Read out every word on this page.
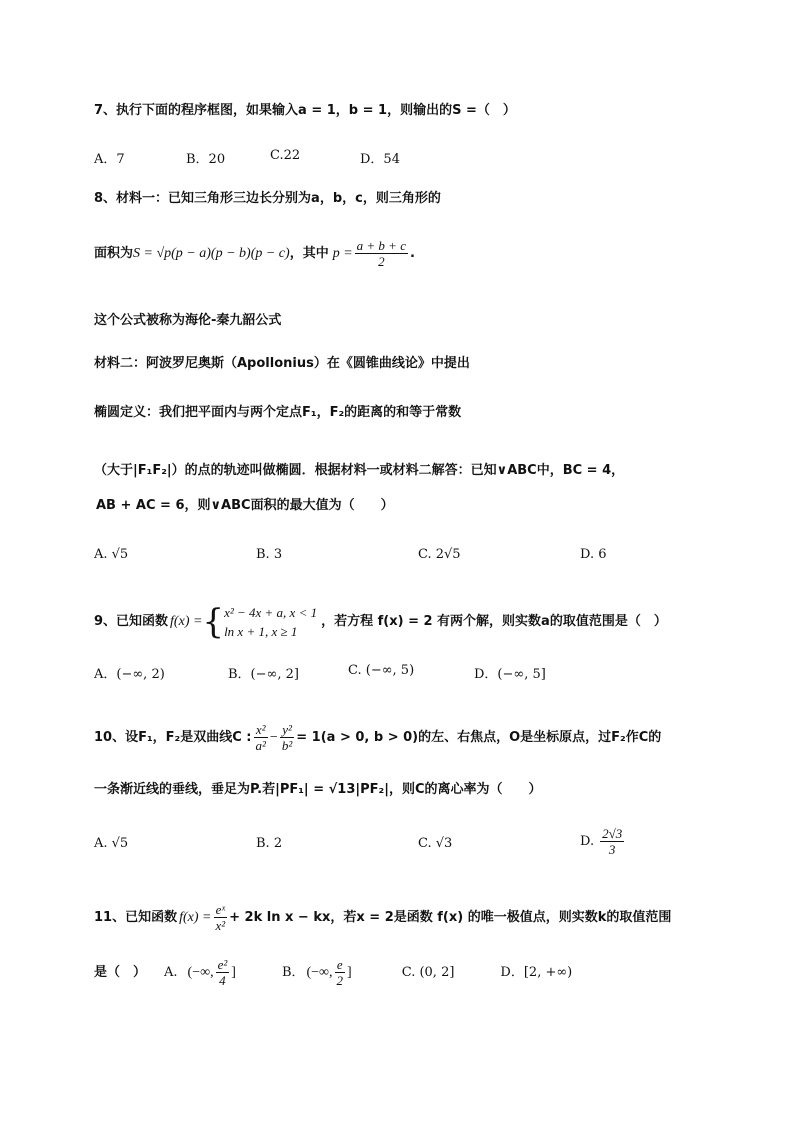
7、执行下面的程序框图，如果输入a = 1，b = 1，则输出的S =（　）
A．7	B．20	C.22	D．54
8、材料一：已知三角形三边长分别为a，b，c，则三角形的
面积为 S = √p(p − a)(p − b)(p − c) ，其中 $p = \frac{a + b + c}{2}$ .
这个公式被称为海伦-秦九韶公式
材料二：阿波罗尼奥斯（Apollonius）在《圆锥曲线论》中提出
椭圆定义：我们把平面内与两个定点F₁，F₂的距离的和等于常数
（大于|F₁F₂|）的点的轨迹叫做椭圆．根据材料一或材料二解答：已知∨ABC中，BC = 4，
AB + AC = 6，则∨ABC面积的最大值为（　　）
A. √5	B. 3	C. 2√5	D. 6
9、已知函数 f(x) = { x² − 4x + a, x < 1
ln x + 1, x ≥ 1
，若方程 f(x) = 2 有两个解，则实数a的取值范围是（　）
A．(−∞, 2)	B．(−∞, 2]	C. (−∞, 5)	D．(−∞, 5]
10、设F₁，F₂是双曲线C : $\frac{\text{x²}}{\text{a²}} - \frac{\text{y²}}{\text{b²}} = 1(a > 0$, b > 0)的左、右焦点，O是坐标原点，过F₂作C的
一条渐近线的垂线，垂足为P.若|PF₁| = √13|PF₂|，则C的离心率为（　　）
A. √5	B. 2	C. √3	D. $\frac{2√3}{3}$
11、已知函数 $f(x) = \frac{\text{eˣ}}{\text{x²}} + 2k$ ln x − kx，若x = 2是函数 f(x) 的唯一极值点，则实数k的取值范围
是（　） A. (−∞, $\frac{\text{e²}}{4}$ ]	B． (−∞, $\frac{e}{2}$ ]	C. (0, 2]	D．[2, +∞)
